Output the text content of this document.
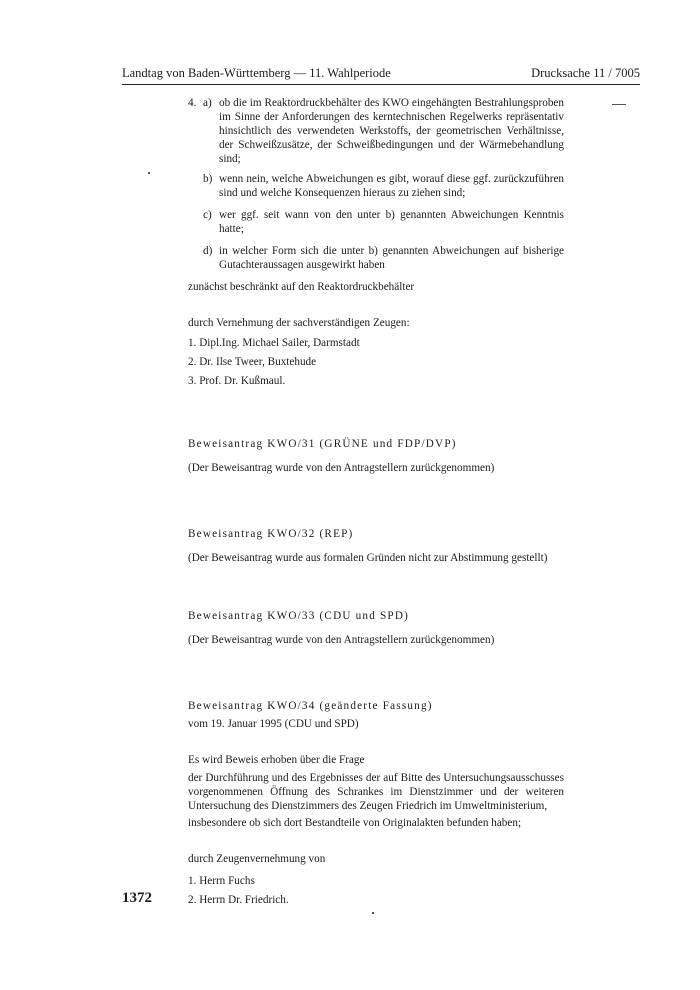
Landtag von Baden-Württemberg — 11. Wahlperiode	Drucksache 11 / 7005
4. a) ob die im Reaktordruckbehälter des KWO eingehängten Bestrahlungsproben im Sinne der Anforderungen des kerntechnischen Regelwerks repräsentativ hinsichtlich des verwendeten Werkstoffs, der geometrischen Verhältnisse, der Schweißzusätze, der Schweißbedingungen und der Wärmebehandlung sind;
b) wenn nein, welche Abweichungen es gibt, worauf diese ggf. zurückzuführen sind und welche Konsequenzen hieraus zu ziehen sind;
c) wer ggf. seit wann von den unter b) genannten Abweichungen Kenntnis hatte;
d) in welcher Form sich die unter b) genannten Abweichungen auf bisherige Gutachteraussagen ausgewirkt haben

zunächst beschränkt auf den Reaktordruckbehälter

durch Vernehmung der sachverständigen Zeugen:

1. Dipl.Ing. Michael Sailer, Darmstadt
2. Dr. Ilse Tweer, Buxtehude
3. Prof. Dr. Kußmaul.
Beweisantrag KWO/31 (GRÜNE und FDP/DVP)
(Der Beweisantrag wurde von den Antragstellern zurückgenommen)
Beweisantrag KWO/32 (REP)
(Der Beweisantrag wurde aus formalen Gründen nicht zur Abstimmung gestellt)
Beweisantrag KWO/33 (CDU und SPD)
(Der Beweisantrag wurde von den Antragstellern zurückgenommen)
Beweisantrag KWO/34 (geänderte Fassung)
vom 19. Januar 1995 (CDU und SPD)
Es wird Beweis erhoben über die Frage
der Durchführung und des Ergebnisses der auf Bitte des Untersuchungsausschusses vorgenommenen Öffnung des Schrankes im Dienstzimmer und der weiteren Untersuchung des Dienstzimmers des Zeugen Friedrich im Umweltministerium,
insbesondere ob sich dort Bestandteile von Originalakten befunden haben;
durch Zeugenvernehmung von
1. Herrn Fuchs
2. Herrn Dr. Friedrich.
1372
